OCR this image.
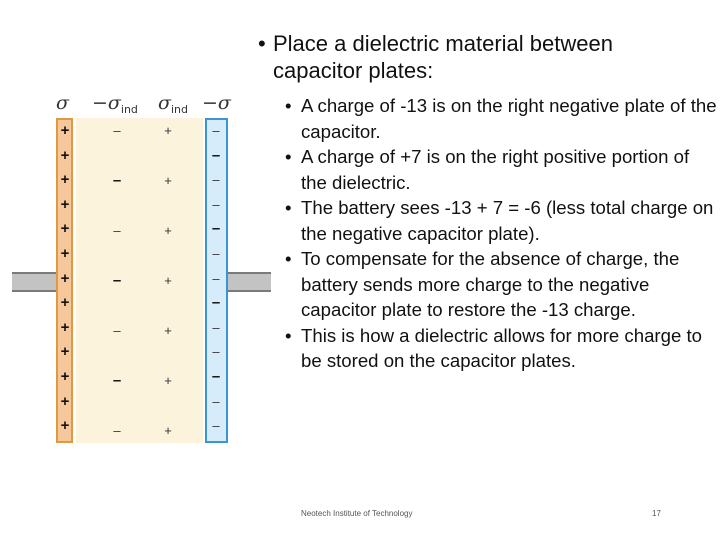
$\sigma -\sigma_{ind}$ $\sigma_{ind} -\sigma$
+
+
+
+
+
+
+
+
+
+
+
+
+
–	+
–	+
–	+
–	+
–	+
–	+
–	+
–
–
–
–
–
–
–
–
–
–
–
–
–
• Place a dielectric material between capacitor plates:
• A charge of -13 is on the right negative plate of the capacitor.
• A charge of +7 is on the right positive portion of the dielectric.
• The battery sees -13 + 7 = -6 (less total charge on the negative capacitor plate).
• To compensate for the absence of charge, the battery sends more charge to the negative capacitor plate to restore the -13 charge.
• This is how a dielectric allows for more charge to be stored on the capacitor plates.
Neotech Institute of Technology	17
